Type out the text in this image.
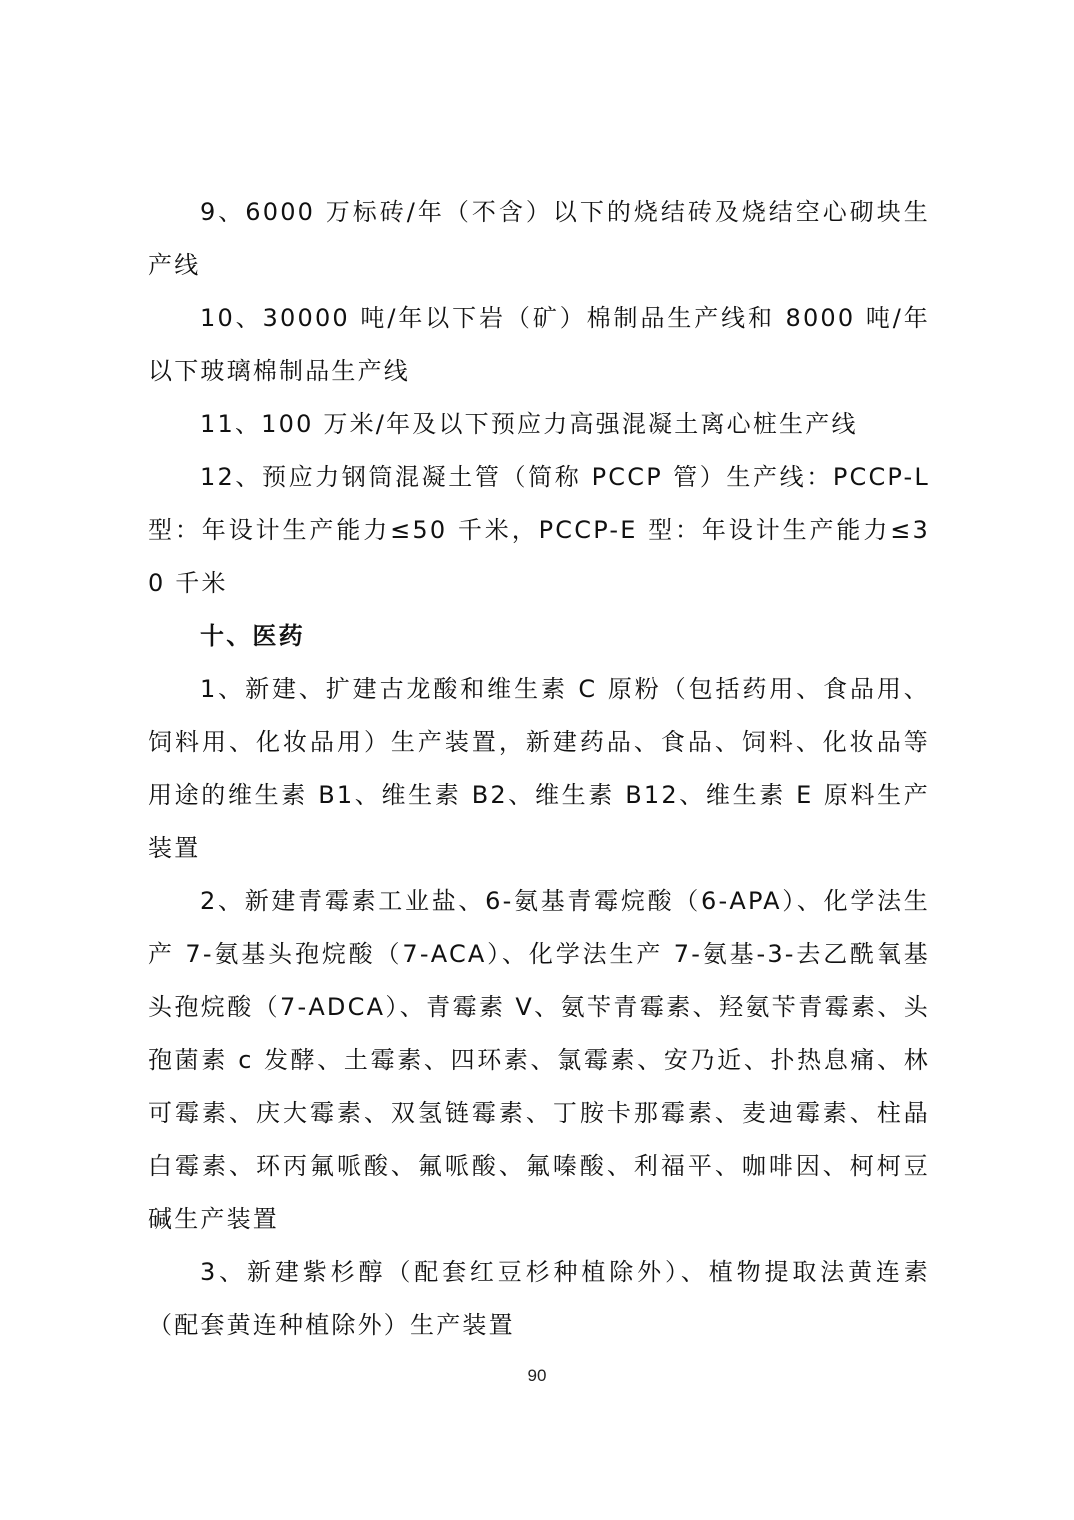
9、6000 万标砖/年（不含）以下的烧结砖及烧结空心砌块生产线

10、30000 吨/年以下岩（矿）棉制品生产线和 8000 吨/年以下玻璃棉制品生产线

11、100 万米/年及以下预应力高强混凝土离心桩生产线

12、预应力钢筒混凝土管（简称 PCCP 管）生产线：PCCP-L 型：年设计生产能力≤50 千米，PCCP-E 型：年设计生产能力≤30 千米

十、医药

1、新建、扩建古龙酸和维生素 C 原粉（包括药用、食品用、饲料用、化妆品用）生产装置，新建药品、食品、饲料、化妆品等用途的维生素 B1、维生素 B2、维生素 B12、维生素 E 原料生产装置

2、新建青霉素工业盐、6-氨基青霉烷酸（6-APA）、化学法生产 7-氨基头孢烷酸（7-ACA）、化学法生产 7-氨基-3-去乙酰氧基头孢烷酸（7-ADCA）、青霉素 V、氨苄青霉素、羟氨苄青霉素、头孢菌素 c 发酵、土霉素、四环素、氯霉素、安乃近、扑热息痛、林可霉素、庆大霉素、双氢链霉素、丁胺卡那霉素、麦迪霉素、柱晶白霉素、环丙氟哌酸、氟哌酸、氟嗪酸、利福平、咖啡因、柯柯豆碱生产装置

3、新建紫杉醇（配套红豆杉种植除外）、植物提取法黄连素（配套黄连种植除外）生产装置

90
